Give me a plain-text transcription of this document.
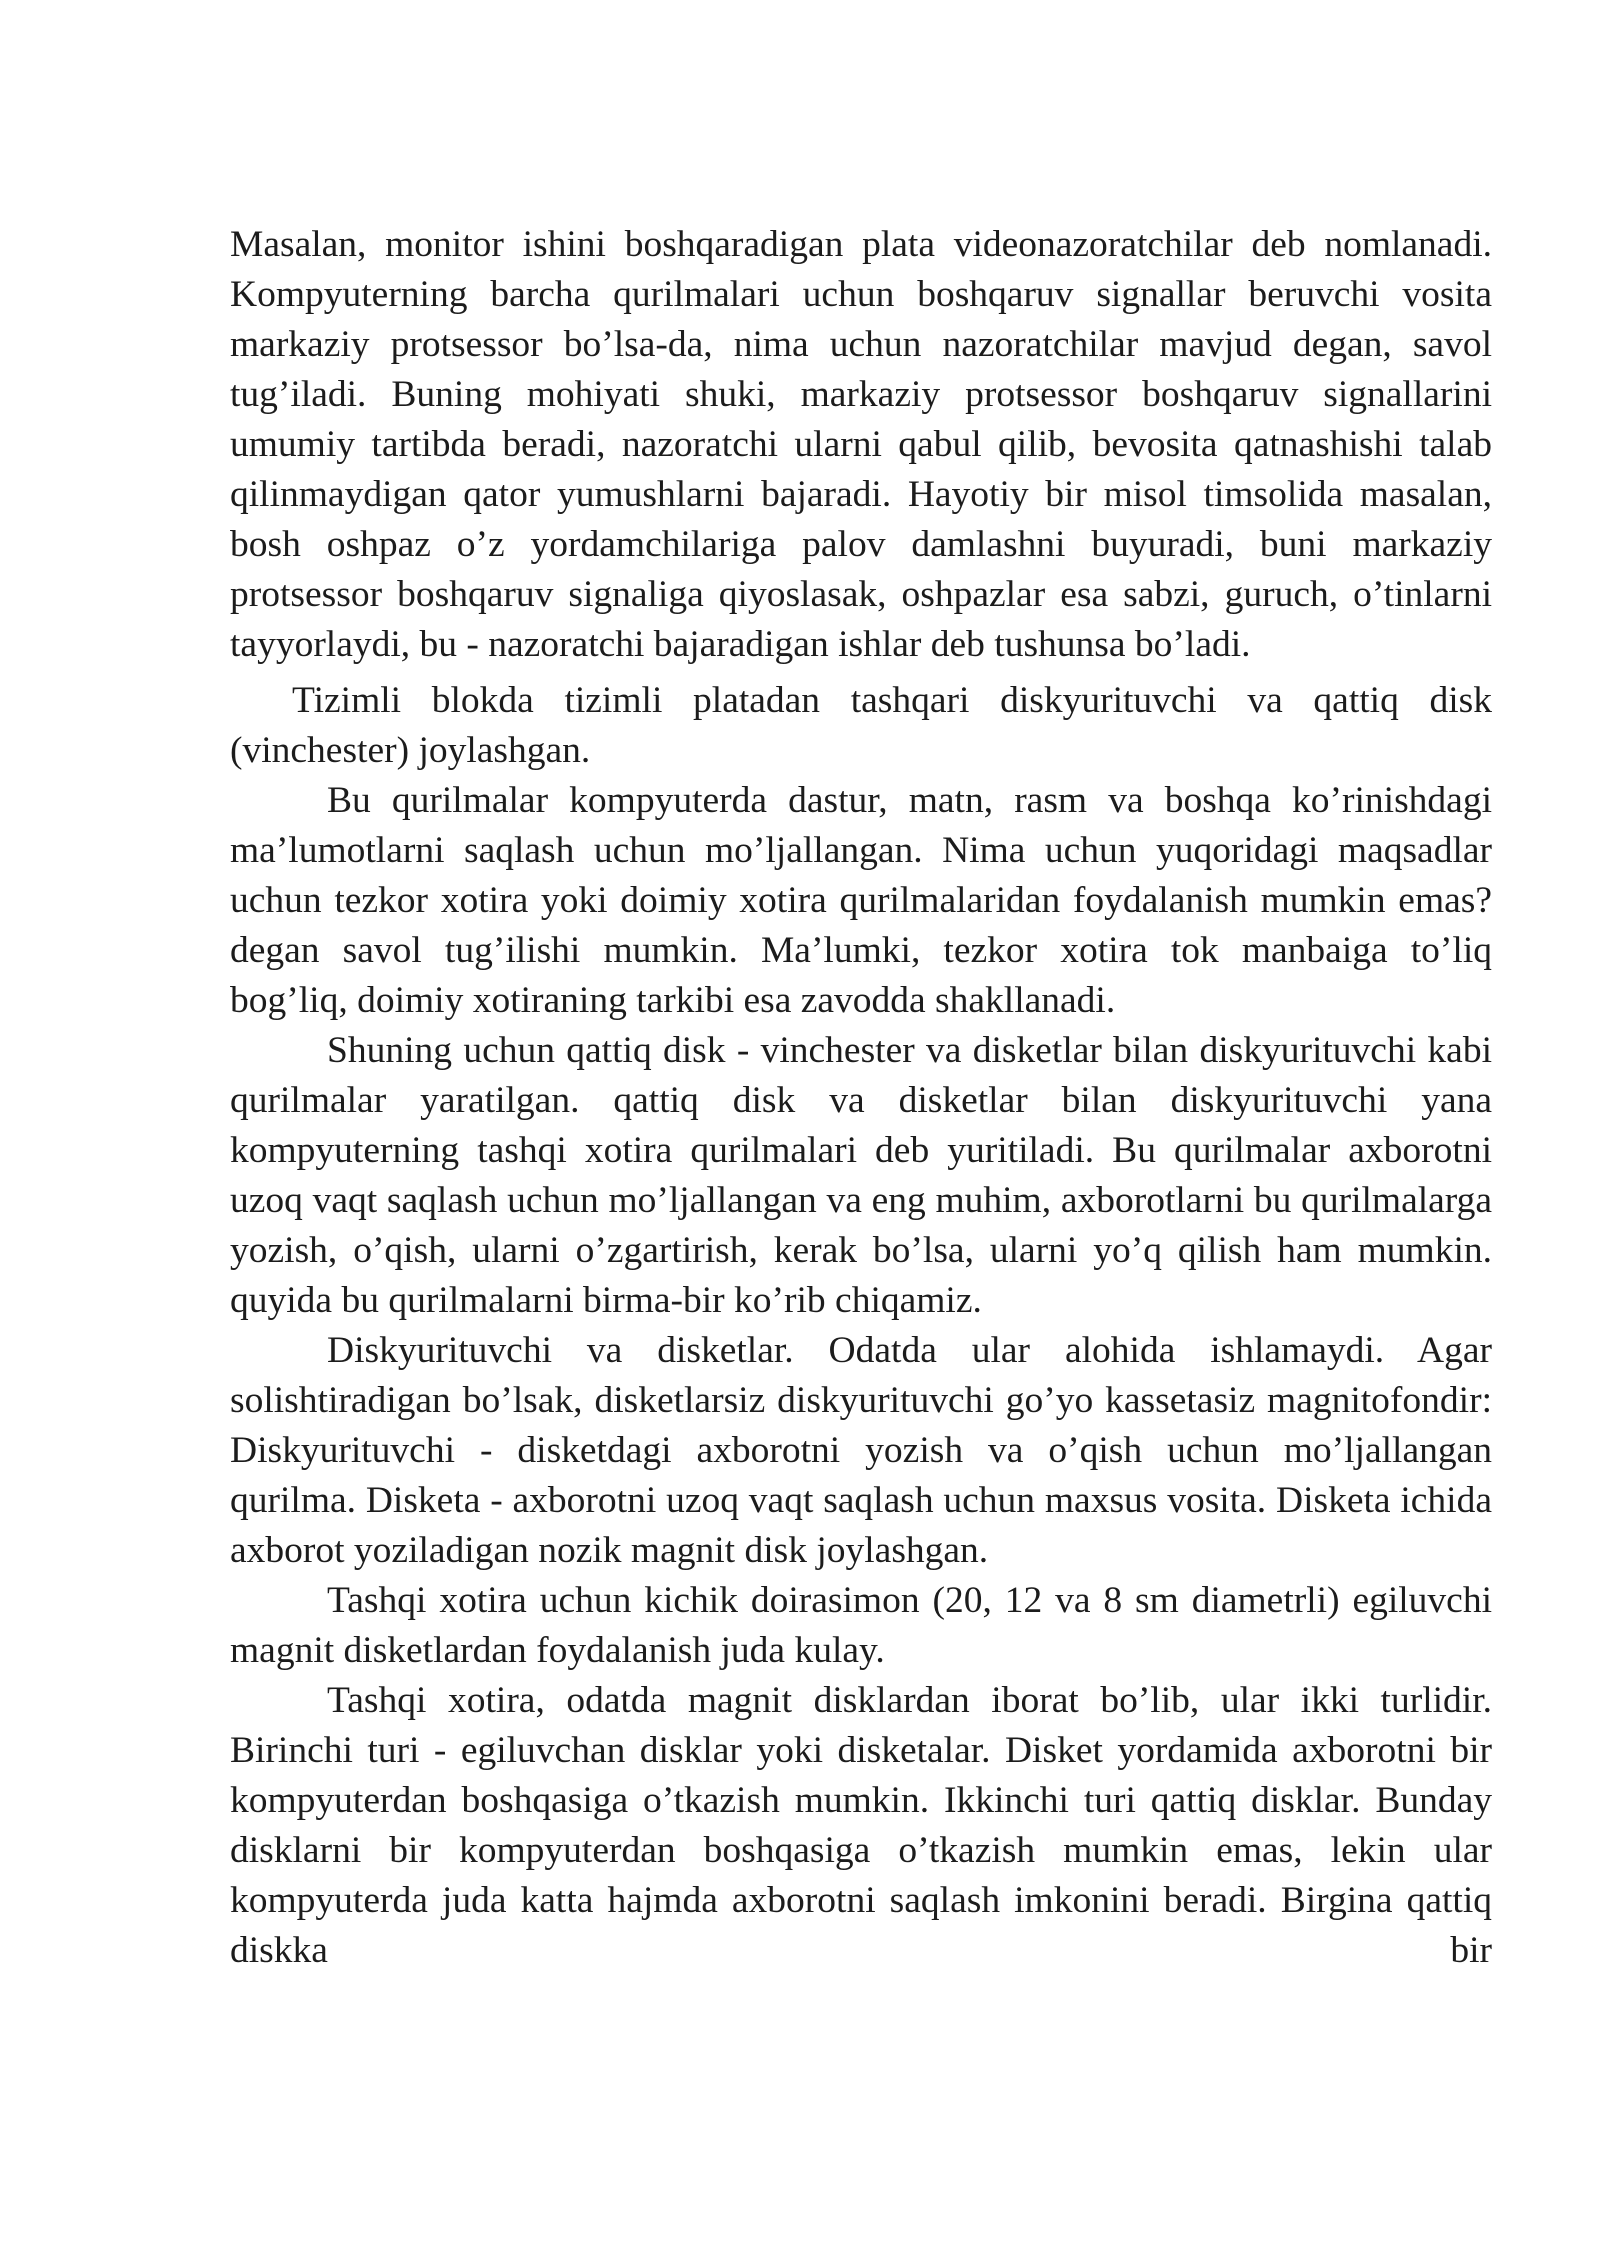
Masalan, monitor ishini boshqaradigan plata videonazoratchilar deb nomlanadi. Kompyuterning barcha qurilmalari uchun boshqaruv signallar beruvchi vosita markaziy protsessor bo’lsa-da, nima uchun nazoratchilar mavjud degan, savol tug’iladi. Buning mohiyati shuki, markaziy protsessor boshqaruv signallarini umumiy tartibda beradi, nazoratchi ularni qabul qilib, bevosita qatnashishi talab qilinmaydigan qator yumushlarni bajaradi. Hayotiy bir misol timsolida masalan, bosh oshpaz o’z yordamchilariga palov damlashni buyuradi, buni markaziy protsessor boshqaruv signaliga qiyoslasak, oshpazlar esa sabzi, guruch, o’tinlarni tayyorlaydi, bu - nazoratchi bajaradigan ishlar deb tushunsa bo’ladi.

Tizimli blokda tizimli platadan tashqari diskyurituvchi va qattiq disk (vinchester) joylashgan.

Bu qurilmalar kompyuterda dastur, matn, rasm va boshqa ko’rinishdagi ma’lumotlarni saqlash uchun mo’ljallangan. Nima uchun yuqoridagi maqsadlar uchun tezkor xotira yoki doimiy xotira qurilmalaridan foydalanish mumkin emas? degan savol tug’ilishi mumkin. Ma’lumki, tezkor xotira tok manbaiga to’liq bog’liq, doimiy xotiraning tarkibi esa zavodda shakllanadi.

Shuning uchun qattiq disk - vinchester va disketlar bilan diskyurituvchi kabi qurilmalar yaratilgan. qattiq disk va disketlar bilan diskyurituvchi yana kompyuterning tashqi xotira qurilmalari deb yuritiladi. Bu qurilmalar axborotni uzoq vaqt saqlash uchun mo’ljallangan va eng muhim, axborotlarni bu qurilmalarga yozish, o’qish, ularni o’zgartirish, kerak bo’lsa, ularni yo’q qilish ham mumkin. quyida bu qurilmalarni birma-bir ko’rib chiqamiz.

Diskyurituvchi va disketlar. Odatda ular alohida ishlamaydi. Agar solishtiradigan bo’lsak, disketlarsiz diskyurituvchi go’yo kassetasiz magnitofondir: Diskyurituvchi - disketdagi axborotni yozish va o’qish uchun mo’ljallangan qurilma. Disketa - axborotni uzoq vaqt saqlash uchun maxsus vosita. Disketa ichida axborot yoziladigan nozik magnit disk joylashgan.

Tashqi xotira uchun kichik doirasimon (20, 12 va 8 sm diametrli) egiluvchi magnit disketlardan foydalanish juda kulay.

Tashqi xotira, odatda magnit disklardan iborat bo’lib, ular ikki turlidir. Birinchi turi - egiluvchan disklar yoki disketalar. Disket yordamida axborotni bir kompyuterdan boshqasiga o’tkazish mumkin. Ikkinchi turi qattiq disklar. Bunday disklarni bir kompyuterdan boshqasiga o’tkazish mumkin emas, lekin ular kompyuterda juda katta hajmda axborotni saqlash imkonini beradi. Birgina qattiq diskka bir
